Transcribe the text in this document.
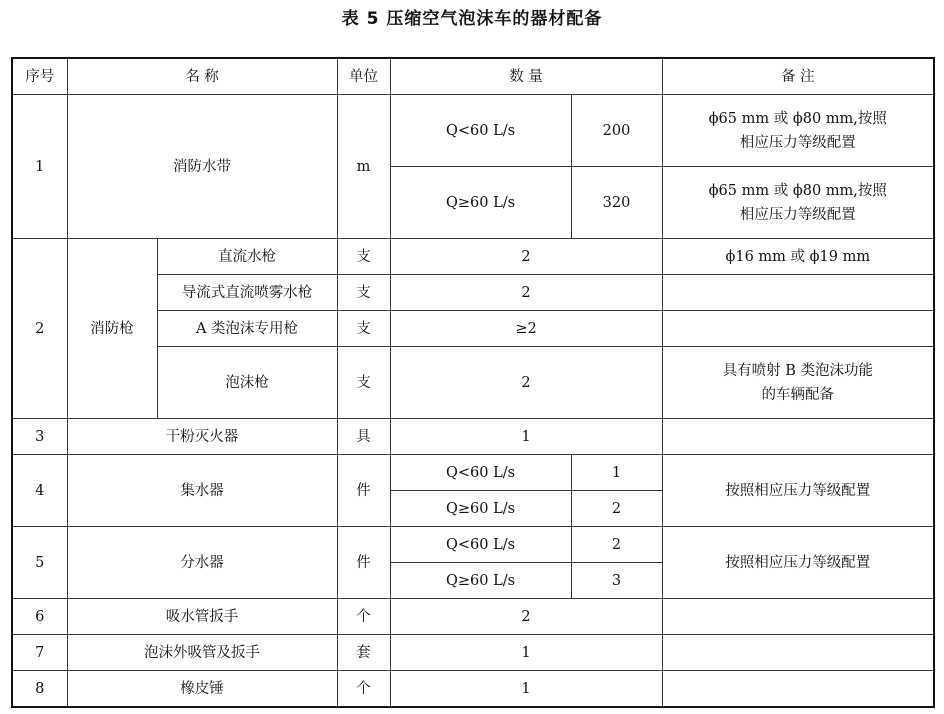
表 5 压缩空气泡沫车的器材配备
序号	名 称		单位	数 量		备 注
1	消防水带		m	Q<60 L/s	200	ϕ65 mm 或 ϕ80 mm,按照
相应压力等级配置
				Q≥60 L/s	320	ϕ65 mm 或 ϕ80 mm,按照
相应压力等级配置
2	消防枪	直流水枪	支	2		ϕ16 mm 或 ϕ19 mm
		导流式直流喷雾水枪	支	2		
		A 类泡沫专用枪	支	≥2		
		泡沫枪	支	2		具有喷射 B 类泡沫功能
的车辆配备
3	干粉灭火器		具	1		
4	集水器		件	Q<60 L/s	1	按照相应压力等级配置
				Q≥60 L/s	2	
5	分水器		件	Q<60 L/s	2	按照相应压力等级配置
				Q≥60 L/s	3	
6	吸水管扳手		个	2		
7	泡沫外吸管及扳手		套	1		
8	橡皮锤		个	1		
